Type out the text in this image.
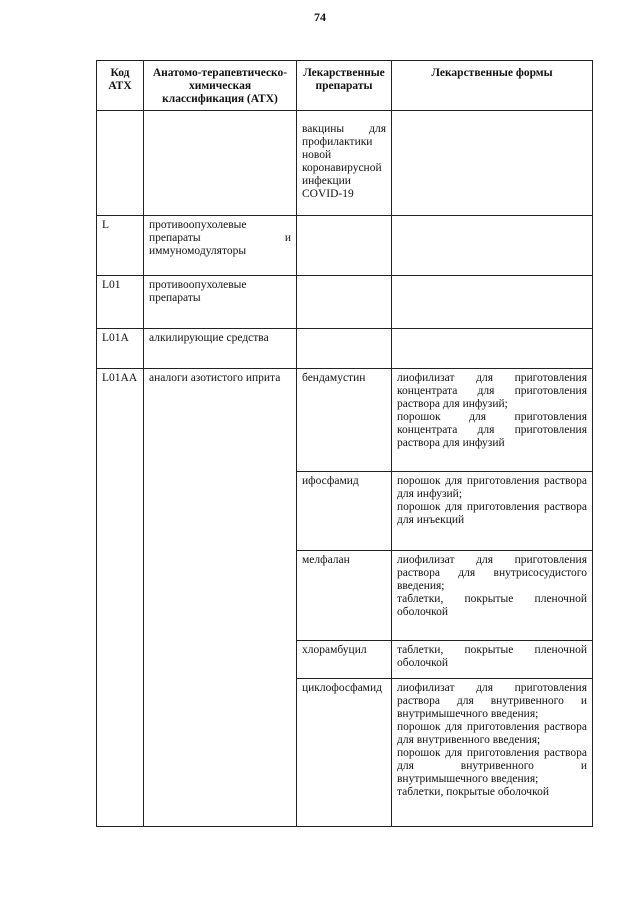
74
Код АТХ	Анатомо-терапевтическо-химическая классификация (АТХ)	Лекарственные препараты	Лекарственные формы
		вакцины для профилактики новой коронавирусной инфекции COVID-19	
L	противоопухолевые препараты и иммуномодуляторы		
L01	противоопухолевые препараты		
L01A	алкилирующие средства		
L01AA	аналоги азотистого иприта	бендамустин	лиофилизат для приготовления концентрата для приготовления раствора для инфузий;
порошок для приготовления концентрата для приготовления раствора для инфузий

		ифосфамид	порошок для приготовления раствора для инфузий;
порошок для приготовления раствора для инъекций

		мелфалан	лиофилизат для приготовления раствора для внутрисосудистого введения;
таблетки, покрытые пленочной оболочкой

		хлорамбуцил	таблетки, покрытые пленочной оболочкой

		циклофосфамид	лиофилизат для приготовления раствора для внутривенного и внутримышечного введения;
порошок для приготовления раствора для внутривенного введения;
порошок для приготовления раствора для внутривенного и внутримышечного введения;
таблетки, покрытые оболочкой
